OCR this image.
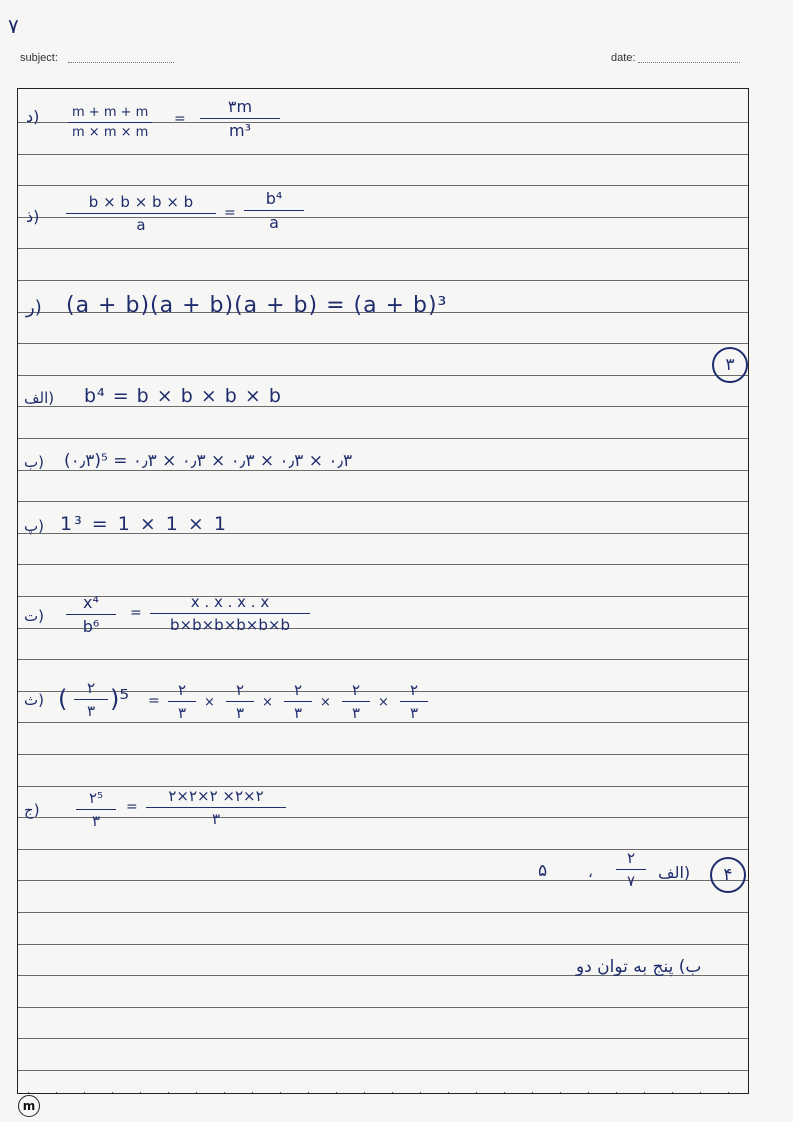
۷
subject:	date:
د) $\frac{m + m + m}{m \times m \times m} = \frac{۳m}{\text{m³}}$
ذ) $\frac{b \times b \times b \times b}{a} = \frac{\text{b⁴}}{a}$
ر) (a + b)(a + b)(a + b) = (a + b)³
۳
الف) b⁴ = b × b × b × b
ب) (۰٫۳)⁵ = ۰٫۳ × ۰٫۳ × ۰٫۳ × ۰٫۳ × ۰٫۳
پ) 1³ = 1 × 1 × 1
ت) $\frac{\text{x⁴}}{\text{b⁶}} = \frac{x . x . x . x}{b\times b\times b\times b\times b\times b}$
ث) (	۲
۳ )⁵ =
۲
۳
×
۲
۳
×
۲
۳
×
۲
۳
×
۲
۳
ج)
۲⁵
۳
=
۲×۲×۲ ×۲×۲
۳
۴
الف)
۲
۷
،
۵
ب) پنج به توان دو
m
